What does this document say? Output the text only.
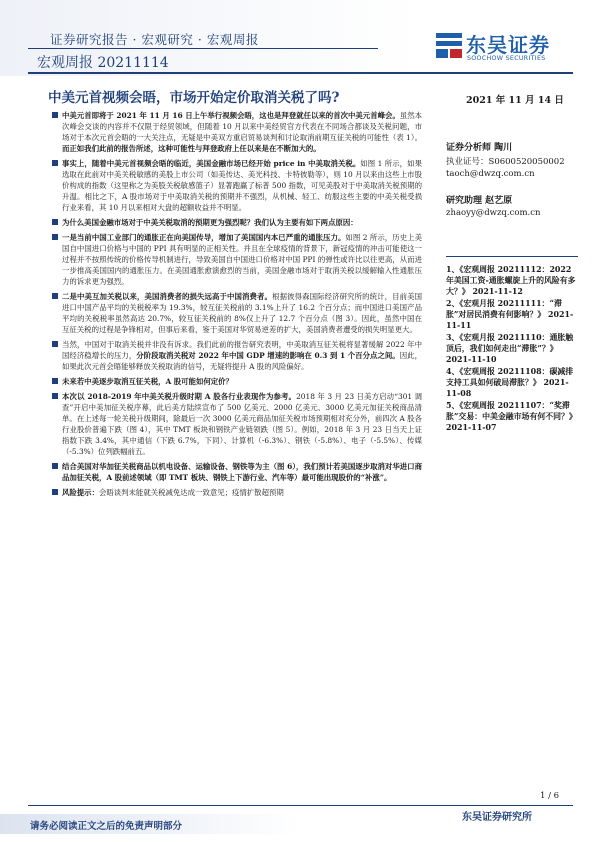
证券研究报告 · 宏观研究 · 宏观周报
宏观周报 20211114
东吴证券
SOOCHOW SECURITIES
中美元首视频会晤，市场开始定价取消关税了吗?	2021 年 11 月 14 日
中美元首即将于 2021 年 11 月 16 日上午举行视频会晤，这也是拜登就任以来的首次中美元首峰会。虽然本次峰会交谈的内容并不仅限于经贸领域，但随着 10 月以来中美经贸官方代表在不同场合都谈及关税问题，市场对于本次元首会晤的一大关注点，无疑是中美双方重启贸易谈判和讨论取消前期互征关税的可能性（表 1）。而正如我们此前的报告所述，这种可能性与拜登政府上任以来是在不断加大的。
事实上，随着中美元首视频会晤的临近，美国金融市场已经开始 price in 中美取消关税。如图 1 所示，如果选取在此前对中美关税敏感的美股上市公司（如美传达、美光科技、卡特彼勒等），则 10 月以来由这些上市股价构成的指数（这里称之为美股关税敏感篮子）显著跑赢了标普 500 指数，可见美股对于中美取消关税预期的升温。相比之下，A 股市场对于中美取消关税的预期并不强烈，从机械、轻工、纺服这些主要的中美关税受损行业来看，其 10 月以来相对大盘的超额收益并不明显。
为什么美国金融市场对于中美关税取消的预期更为强烈呢？我们认为主要有如下两点原因：
一是当前中国工业部门的通胀正在向美国传导，增加了美国国内本已严重的通胀压力。如图 2 所示，历史上美国自中国进口价格与中国的 PPI 具有明显的正相关性。并且在全球疫情的背景下，新冠疫情的冲击可能使这一过程并不按照传统的价格传导机制进行，导致美国自中国进口价格对中国 PPI 的弹性或许比以往更高，从而进一步推高美国国内的通胀压力。在美国通胀愈演愈烈的当前，美国金融市场对于取消关税以缓解输入性通胀压力的诉求更为强烈。
二是中美互加关税以来，美国消费者的损失远高于中国消费者。根据彼得森国际经济研究所的统计，目前美国进口中国产品平均的关税税率为 19.3%，较互征关税前的 3.1%上升了 16.2 个百分点；而中国进口美国产品平均的关税税率虽然高达 20.7%，较互征关税前的 8%仅上升了 12.7 个百分点（图 3）。因此，虽然中国在互征关税的过程是争锋相对，但事后来看，鉴于美国对华贸易逆差的扩大，美国消费者遭受的损失明显更大。
当然，中国对于取消关税并非没有诉求。我们此前的报告研究表明，中美取消互征关税将显著缓解 2022 年中国经济稳增长的压力，分阶段取消关税对 2022 年中国 GDP 增速的影响在 0.3 到 1 个百分点之间。因此，如果此次元首会晤能够释放关税取消的信号，无疑将提升 A 股的风险偏好。
未来若中美逐步取消互征关税，A 股可能如何定价？
本次以 2018-2019 年中美关税升级时期 A 股各行业表现作为参考。2018 年 3 月 23 日美方启动“301 调查”开启中美加征关税序幕，此后美方陆续宣布了 500 亿美元、2000 亿美元、3000 亿美元加征关税商品清单。在上述每一轮关税升级期间，除最后一次 3000 亿美元商品加征关税市场预期相对充分外，前四次 A 股各行业股价普遍下跌（图 4），其中 TMT 板块和钢铁产业链领跌（图 5）。例如，2018 年 3 月 23 日当天上证指数下跌 3.4%，其中通信（下跌 6.7%，下同）、计算机（-6.3%）、钢铁（-5.8%）、电子（-5.5%）、传媒（-5.3%）位列跌幅前五。
结合美国对华加征关税商品以机电设备、运输设备、钢铁等为主（图 6），我们预计若美国逐步取消对华进口商品加征关税，A 股前述领域（即 TMT 板块、钢铁上下游行业、汽车等）最可能出现股价的“补涨”。
风险提示：会晤谈判未能就关税减免达成一致意见；疫情扩散超预期
证券分析师 陶川
执业证号：S0600520050002
taoch@dwzq.com.cn
研究助理 赵艺原
zhaoyy@dwzq.com.cn
1、《宏观周报 20211112：2022 年美国工资-通胀螺旋上升的风险有多大？》 2021-11-12
2、《宏观月报 20211111：“滞胀”对居民消费有何影响？》 2021-11-11
3、《宏观月报 20211110：通胀触顶后，我们如何走出“滞胀”？》 2021-11-10
4、《宏观周报 20211108：碳减排支持工具如何破局滞胀？》 2021-11-08
5、《宏观周报 20211107：“奖滞胀”交易：中美金融市场有何不同？》 2021-11-07
1 / 6
东吴证券研究所
请务必阅读正文之后的免责声明部分
